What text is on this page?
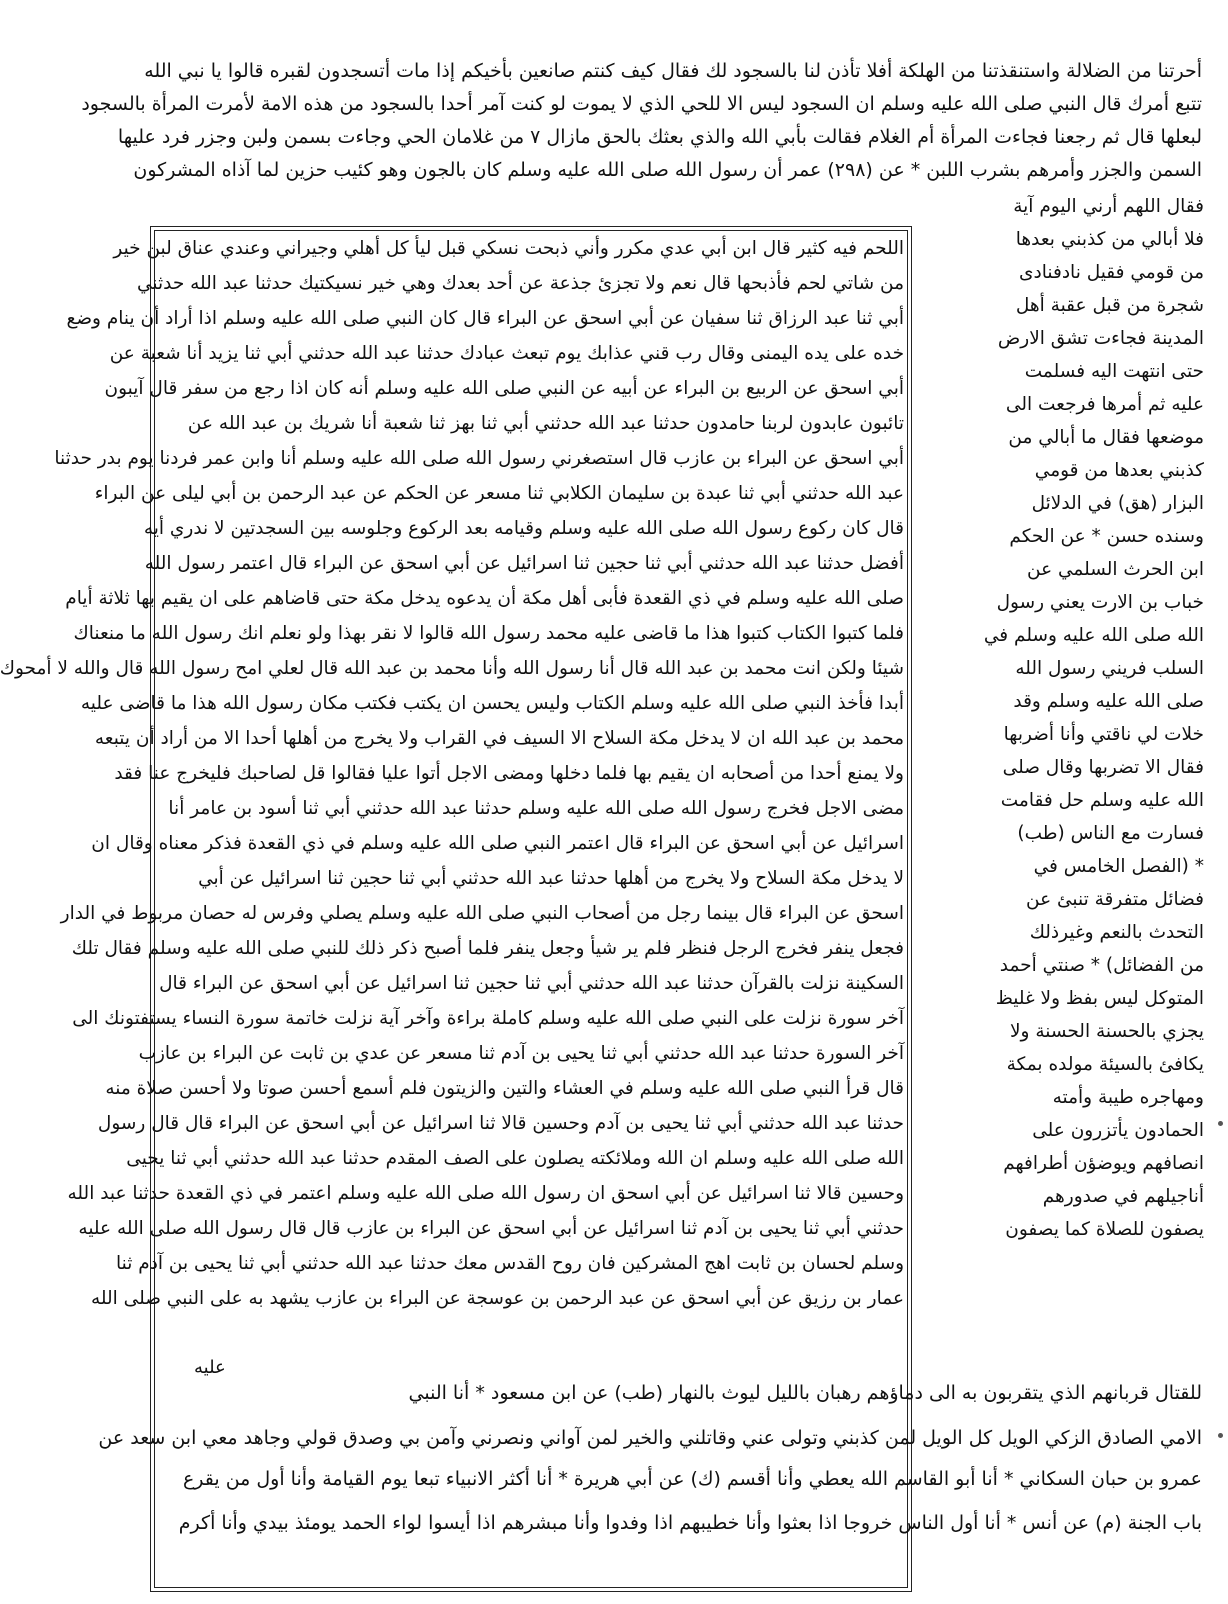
أحرتنا من الضلالة واستنقذتنا من الهلكة أفلا تأذن لنا بالسجود لك فقال كيف كنتم صانعين بأخيكم إذا مات أتسجدون لقبره قالوا يا نبي الله
تتبع أمرك قال النبي صلى الله عليه وسلم ان السجود ليس الا للحي الذي لا يموت لو كنت آمر أحدا بالسجود من هذه الامة لأمرت المرأة بالسجود
لبعلها قال ثم رجعنا فجاءت المرأة أم الغلام فقالت بأبي الله والذي بعثك بالحق مازال ۷ من غلامان الحي وجاءت بسمن ولبن وجزر فرد عليها
السمن والجزر وأمرهم بشرب اللبن * عن (٢٩٨) عمر أن رسول الله صلى الله عليه وسلم كان بالجون وهو كئيب حزين لما آذاه المشركون
اللحم فيه كثير قال ابن أبي عدي مكرر وأني ذبحت نسكي قبل ليأ كل أهلي وجيراني وعندي عناق لبن خير
من شاتي لحم فأذبحها قال نعم ولا تجزئ جذعة عن أحد بعدك وهي خير نسيكتيك حدثنا عبد الله حدثني
أبي ثنا عبد الرزاق ثنا سفيان عن أبي اسحق عن البراء قال كان النبي صلى الله عليه وسلم اذا أراد أن ينام وضع
خده على يده اليمنى وقال رب قني عذابك يوم تبعث عبادك حدثنا عبد الله حدثني أبي ثنا يزيد أنا شعبة عن
أبي اسحق عن الربيع بن البراء عن أبيه عن النبي صلى الله عليه وسلم أنه كان اذا رجع من سفر قال آيبون
تائبون عابدون لربنا حامدون حدثنا عبد الله حدثني أبي ثنا بهز ثنا شعبة أنا شريك بن عبد الله عن
أبي اسحق عن البراء بن عازب قال استصغرني رسول الله صلى الله عليه وسلم أنا وابن عمر فردنا يوم بدر حدثنا
عبد الله حدثني أبي ثنا عبدة بن سليمان الكلابي ثنا مسعر عن الحكم عن عبد الرحمن بن أبي ليلى عن البراء
قال كان ركوع رسول الله صلى الله عليه وسلم وقيامه بعد الركوع وجلوسه بين السجدتين لا ندري أيه
أفضل حدثنا عبد الله حدثني أبي ثنا حجين ثنا اسرائيل عن أبي اسحق عن البراء قال اعتمر رسول الله
صلى الله عليه وسلم في ذي القعدة فأبى أهل مكة أن يدعوه يدخل مكة حتى قاضاهم على ان يقيم بها ثلاثة أيام
فلما كتبوا الكتاب كتبوا هذا ما قاضى عليه محمد رسول الله قالوا لا نقر بهذا ولو نعلم انك رسول الله ما منعناك
شيئا ولكن انت محمد بن عبد الله قال أنا رسول الله وأنا محمد بن عبد الله قال لعلي امح رسول الله قال والله لا أمحوك
أبدا فأخذ النبي صلى الله عليه وسلم الكتاب وليس يحسن ان يكتب فكتب مكان رسول الله هذا ما قاضى عليه
محمد بن عبد الله ان لا يدخل مكة السلاح الا السيف في القراب ولا يخرج من أهلها أحدا الا من أراد أن يتبعه
ولا يمنع أحدا من أصحابه ان يقيم بها فلما دخلها ومضى الاجل أتوا عليا فقالوا قل لصاحبك فليخرج عنا فقد
مضى الاجل فخرج رسول الله صلى الله عليه وسلم حدثنا عبد الله حدثني أبي ثنا أسود بن عامر أنا
اسرائيل عن أبي اسحق عن البراء قال اعتمر النبي صلى الله عليه وسلم في ذي القعدة فذكر معناه وقال ان
لا يدخل مكة السلاح ولا يخرج من أهلها حدثنا عبد الله حدثني أبي ثنا حجين ثنا اسرائيل عن أبي
اسحق عن البراء قال بينما رجل من أصحاب النبي صلى الله عليه وسلم يصلي وفرس له حصان مربوط في الدار
فجعل ينفر فخرج الرجل فنظر فلم ير شيأ وجعل ينفر فلما أصبح ذكر ذلك للنبي صلى الله عليه وسلم فقال تلك
السكينة نزلت بالقرآن حدثنا عبد الله حدثني أبي ثنا حجين ثنا اسرائيل عن أبي اسحق عن البراء قال
آخر سورة نزلت على النبي صلى الله عليه وسلم كاملة براءة وآخر آية نزلت خاتمة سورة النساء يستفتونك الى
آخر السورة حدثنا عبد الله حدثني أبي ثنا يحيى بن آدم ثنا مسعر عن عدي بن ثابت عن البراء بن عازب
قال قرأ النبي صلى الله عليه وسلم في العشاء والتين والزيتون فلم أسمع أحسن صوتا ولا أحسن صلاة منه
حدثنا عبد الله حدثني أبي ثنا يحيى بن آدم وحسين قالا ثنا اسرائيل عن أبي اسحق عن البراء قال قال رسول
الله صلى الله عليه وسلم ان الله وملائكته يصلون على الصف المقدم حدثنا عبد الله حدثني أبي ثنا يحيى
وحسين قالا ثنا اسرائيل عن أبي اسحق ان رسول الله صلى الله عليه وسلم اعتمر في ذي القعدة حدثنا عبد الله
حدثني أبي ثنا يحيى بن آدم ثنا اسرائيل عن أبي اسحق عن البراء بن عازب قال قال رسول الله صلى الله عليه
وسلم لحسان بن ثابت اهج المشركين فان روح القدس معك حدثنا عبد الله حدثني أبي ثنا يحيى بن آدم ثنا
عمار بن رزيق عن أبي اسحق عن عبد الرحمن بن عوسجة عن البراء بن عازب يشهد به على النبي صلى الله
فقال اللهم أرني اليوم آية
فلا أبالي من كذبني بعدها
من قومي فقيل نادفنادى
شجرة من قبل عقبة أهل
المدينة فجاءت تشق الارض
حتى انتهت اليه فسلمت
عليه ثم أمرها فرجعت الى
موضعها فقال ما أبالي من
كذبني بعدها من قومي
البزار (هق) في الدلائل
وسنده حسن * عن الحكم
ابن الحرث السلمي عن
خباب بن الارت يعني رسول
الله صلى الله عليه وسلم في
السلب فريني رسول الله
صلى الله عليه وسلم وقد
خلات لي ناقتي وأنا أضربها
فقال الا تضربها وقال صلى
الله عليه وسلم حل فقامت
فسارت مع الناس (طب)
* (الفصل الخامس في
فضائل متفرقة تنبئ عن
التحدث بالنعم وغيرذلك
من الفضائل) * صنتي أحمد
المتوكل ليس بفظ ولا غليظ
يجزي بالحسنة الحسنة ولا
يكافئ بالسيئة مولده بمكة
ومهاجره طيبة وأمته
الحمادون يأتزرون على
انصافهم ويوضؤن أطرافهم
أناجيلهم في صدورهم
يصفون للصلاة كما يصفون
عليه
للقتال قربانهم الذي يتقربون به الى دماؤهم رهبان بالليل ليوث بالنهار (طب) عن ابن مسعود * أنا النبي
الامي الصادق الزكي الويل كل الويل لمن كذبني وتولى عني وقاتلني والخير لمن آواني ونصرني وآمن بي وصدق قولي وجاهد معي ابن سعد عن
عمرو بن حبان السكاني * أنا أبو القاسم الله يعطي وأنا أقسم (ك) عن أبي هريرة * أنا أكثر الانبياء تبعا يوم القيامة وأنا أول من يقرع
باب الجنة (م) عن أنس * أنا أول الناس خروجا اذا بعثوا وأنا خطيبهم اذا وفدوا وأنا مبشرهم اذا أيسوا لواء الحمد يومئذ بيدي وأنا أكرم
